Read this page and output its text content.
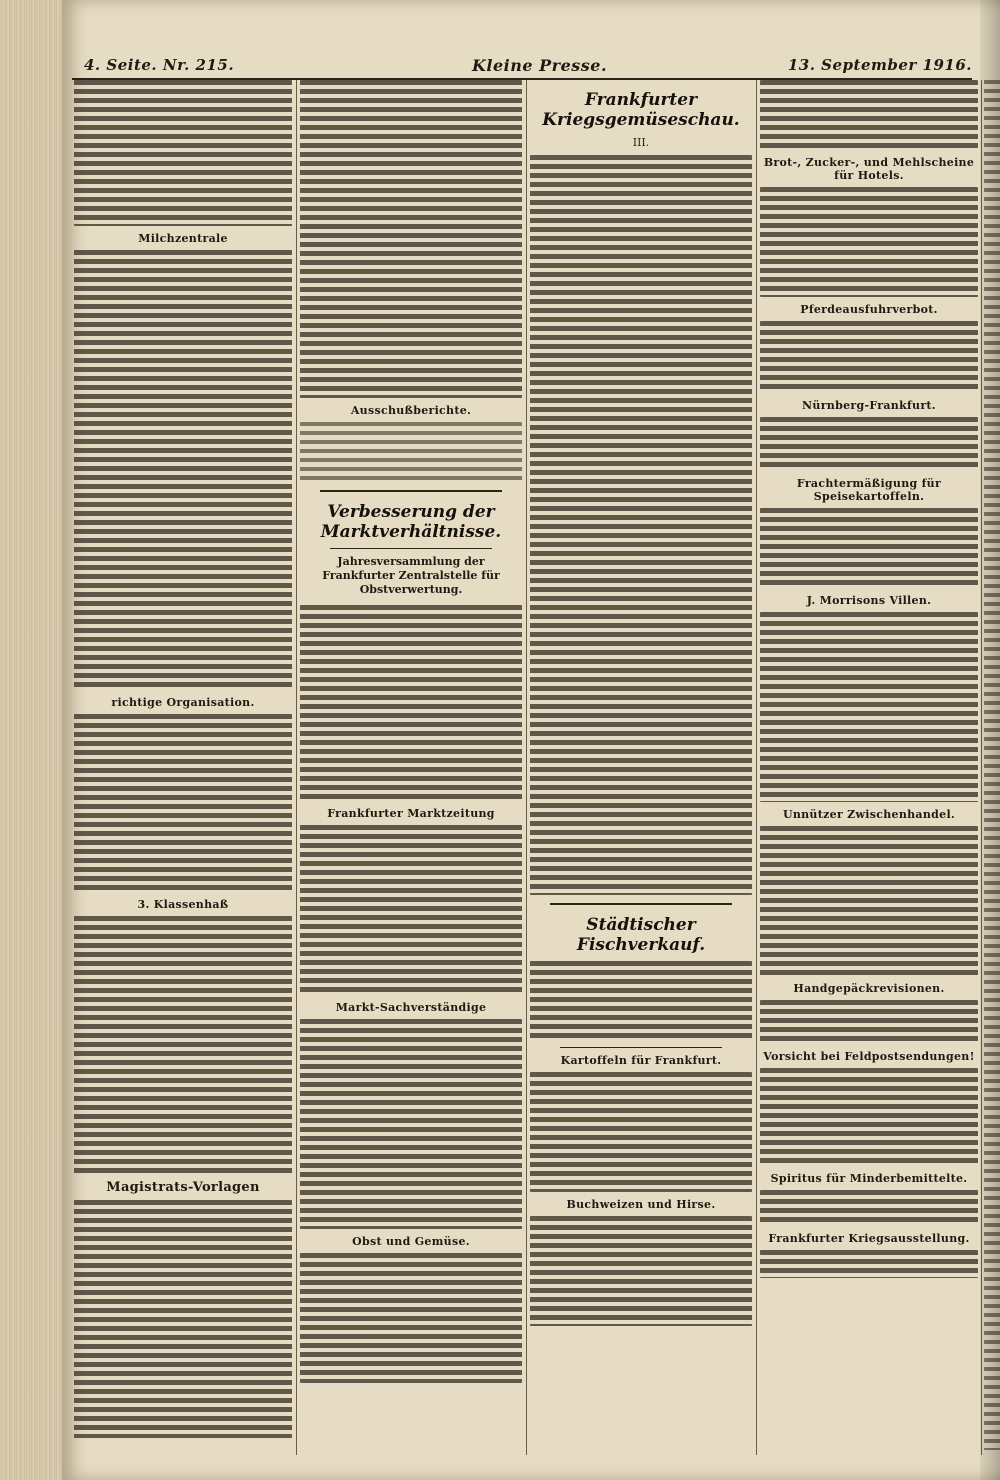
4. Seite. Nr. 215.	Kleine Presse.	13. September 1916.
Milchzentrale
richtige Organisation.
3. Klassenhaß
Magistrats-Vorlagen
Ausschußberichte.
Verbesserung der Marktverhältnisse.
Jahresversammlung der Frankfurter Zentralstelle für Obstverwertung.
Frankfurter Marktzeitung
Markt-Sachverständige
Obst und Gemüse.
Frankfurter Kriegsgemüseschau.
III.
Städtischer Fischverkauf.
Kartoffeln für Frankfurt.
Buchweizen und Hirse.
Brot-, Zucker-, und Mehlscheine für Hotels.
Pferdeausfuhrverbot.
Nürnberg-Frankfurt.
Frachtermäßigung für Speisekartoffeln.
J. Morrisons Villen.
Unnützer Zwischenhandel.
Handgepäckrevisionen.
Vorsicht bei Feldpostsendungen!
Spiritus für Minderbemittelte.
Frankfurter Kriegsausstellung.
